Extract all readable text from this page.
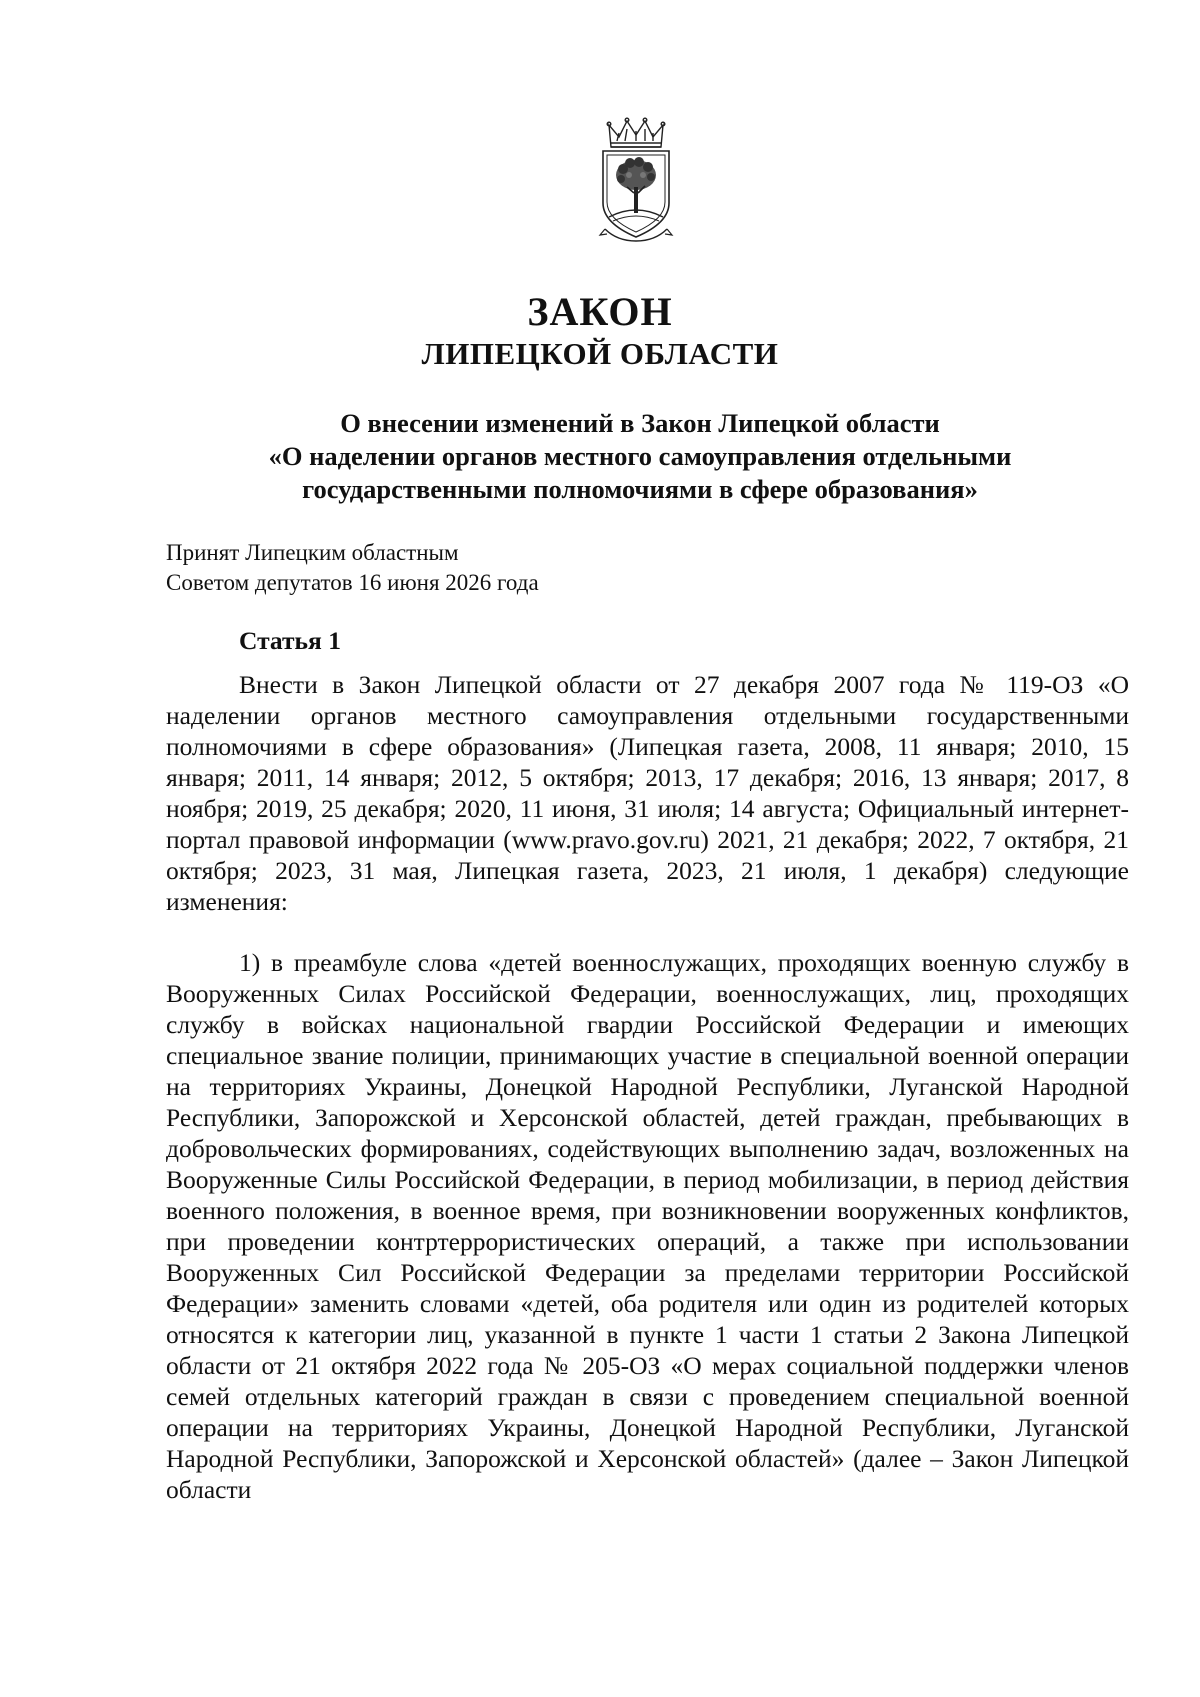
ЗАКОН
ЛИПЕЦКОЙ ОБЛАСТИ

О внесении изменений в Закон Липецкой области
«О наделении органов местного самоуправления отдельными
государственными полномочиями в сфере образования»

Принят Липецким областным
Советом депутатов 16 июня 2026 года

Статья 1

Внести в Закон Липецкой области от 27 декабря 2007 года № 119-ОЗ «О наделении органов местного самоуправления отдельными государственными полномочиями в сфере образования» (Липецкая газета, 2008, 11 января; 2010, 15 января; 2011, 14 января; 2012, 5 октября; 2013, 17 декабря; 2016, 13 января; 2017, 8 ноября; 2019, 25 декабря; 2020, 11 июня, 31 июля; 14 августа; Официальный интернет-портал правовой информации (www.pravo.gov.ru) 2021, 21 декабря; 2022, 7 октября, 21 октября; 2023, 31 мая, Липецкая газета, 2023, 21 июля, 1 декабря) следующие изменения:

1) в преамбуле слова «детей военнослужащих, проходящих военную службу в Вооруженных Силах Российской Федерации, военнослужащих, лиц, проходящих службу в войсках национальной гвардии Российской Федерации и имеющих специальное звание полиции, принимающих участие в специальной военной операции на территориях Украины, Донецкой Народной Республики, Луганской Народной Республики, Запорожской и Херсонской областей, детей граждан, пребывающих в добровольческих формированиях, содействующих выполнению задач, возложенных на Вооруженные Силы Российской Федерации, в период мобилизации, в период действия военного положения, в военное время, при возникновении вооруженных конфликтов, при проведении контртеррористических операций, а также при использовании Вооруженных Сил Российской Федерации за пределами территории Российской Федерации» заменить словами «детей, оба родителя или один из родителей которых относятся к категории лиц, указанной в пункте 1 части 1 статьи 2 Закона Липецкой области от 21 октября 2022 года № 205-ОЗ «О мерах социальной поддержки членов семей отдельных категорий граждан в связи с проведением специальной военной операции на территориях Украины, Донецкой Народной Республики, Луганской Народной Республики, Запорожской и Херсонской областей» (далее – Закон Липецкой области
